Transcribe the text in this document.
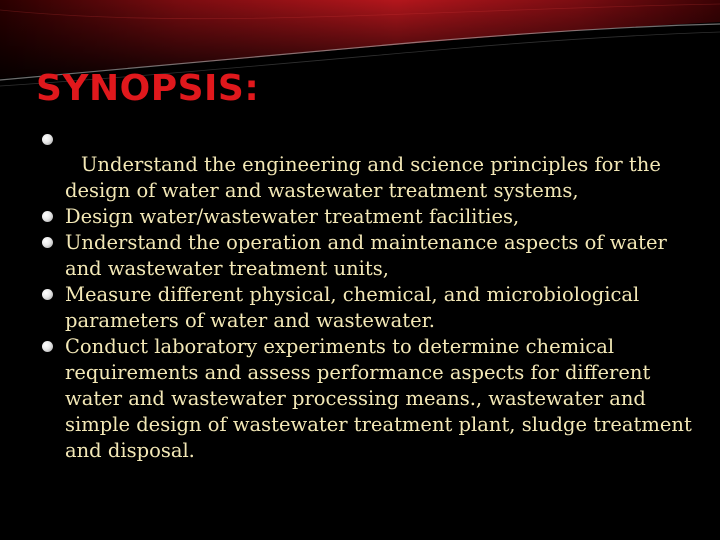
SYNOPSIS:
Understand the engineering and science principles for the design of water and wastewater treatment systems,
Design water/wastewater treatment facilities,
Understand the operation and maintenance aspects of water and wastewater treatment units,
Measure different physical, chemical, and microbiological parameters of water and wastewater.
Conduct laboratory experiments to determine chemical requirements and assess performance aspects for different water and wastewater processing means., wastewater and simple design of wastewater treatment plant, sludge treatment and disposal.
